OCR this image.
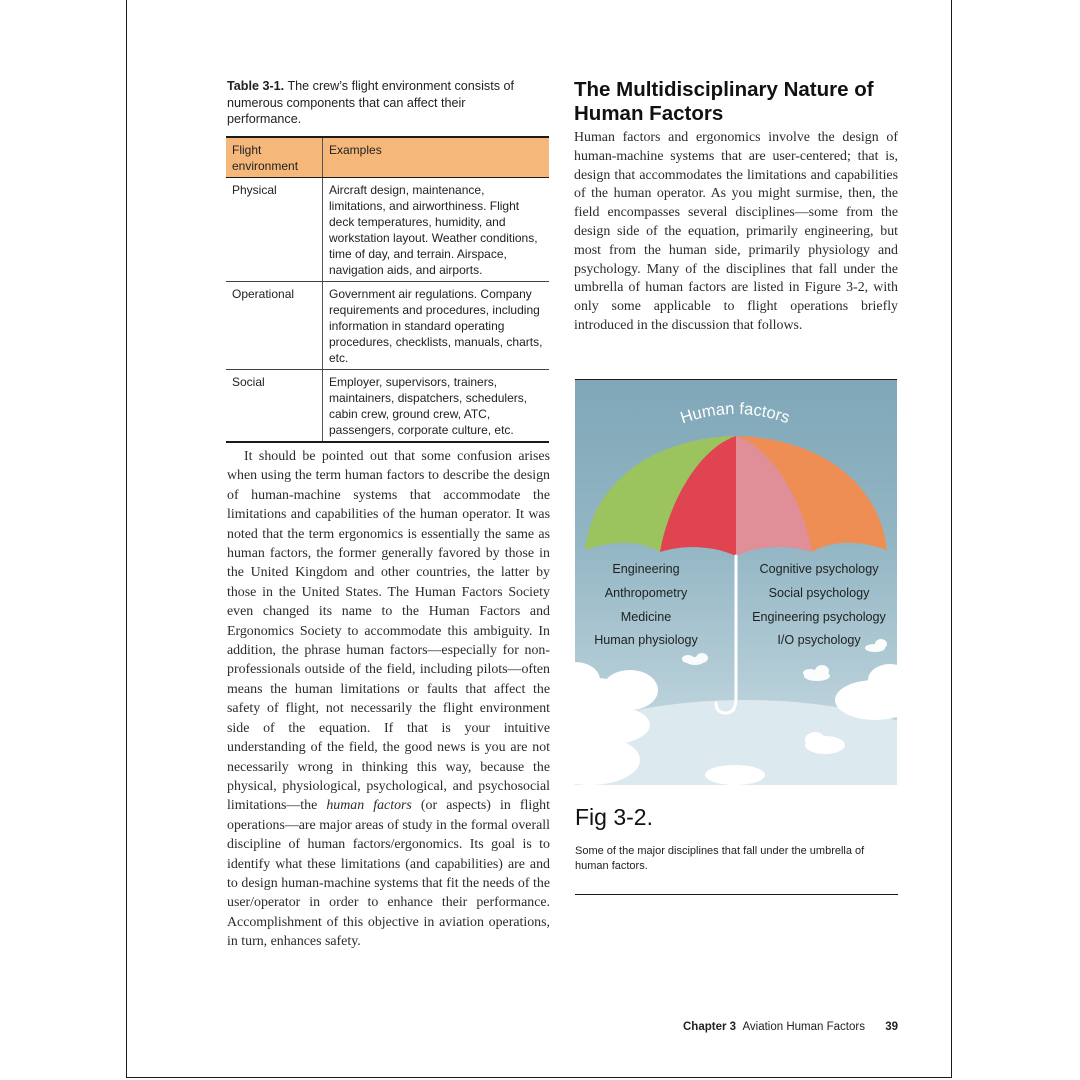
Table 3-1. The crew’s flight environment consists of numerous components that can affect their performance.
Flight environment	Examples
Physical	Aircraft design, maintenance, limitations, and airworthiness. Flight deck temperatures, humidity, and workstation layout. Weather conditions, time of day, and terrain. Airspace, navigation aids, and airports.
Operational	Government air regulations. Company requirements and procedures, including information in standard operating procedures, checklists, manuals, charts, etc.
Social	Employer, supervisors, trainers, maintainers, dispatchers, schedulers, cabin crew, ground crew, ATC, passengers, corporate culture, etc.

It should be pointed out that some confusion arises when using the term human factors to describe the design of human-machine systems that accommodate the limitations and capabilities of the human operator. It was noted that the term ergonomics is essentially the same as human factors, the former generally favored by those in the United Kingdom and other countries, the latter by those in the United States. The Human Factors Society even changed its name to the Human Factors and Ergonomics Society to accommodate this ambiguity. In addition, the phrase human factors—especially for non-professionals outside of the field, including pilots—often means the human limitations or faults that affect the safety of flight, not necessarily the flight environment side of the equation. If that is your intuitive understanding of the field, the good news is you are not necessarily wrong in thinking this way, because the physical, physiological, psychological, and psychosocial limitations—the human factors (or aspects) in flight operations—are major areas of study in the formal overall discipline of human factors/ergonomics. Its goal is to identify what these limitations (and capabilities) are and to design human-machine systems that fit the needs of the user/operator in order to enhance their performance. Accomplishment of this objective in aviation operations, in turn, enhances safety.

The Multidisciplinary Nature of Human Factors

Human factors and ergonomics involve the design of human-machine systems that are user-centered; that is, design that accommodates the limitations and capabilities of the human operator. As you might surmise, then, the field encompasses several disciplines—some from the design side of the equation, primarily engineering, but most from the human side, primarily physiology and psychology. Many of the disciplines that fall under the umbrella of human factors are listed in Figure 3-2, with only some applicable to flight operations briefly introduced in the discussion that follows.

Human factors
Engineering
Anthropometry
Medicine
Human physiology
Cognitive psychology
Social psychology
Engineering psychology
I/O psychology
Fig 3-2.
Some of the major disciplines that fall under the umbrella of human factors.
Chapter 3 Aviation Human Factors 39
